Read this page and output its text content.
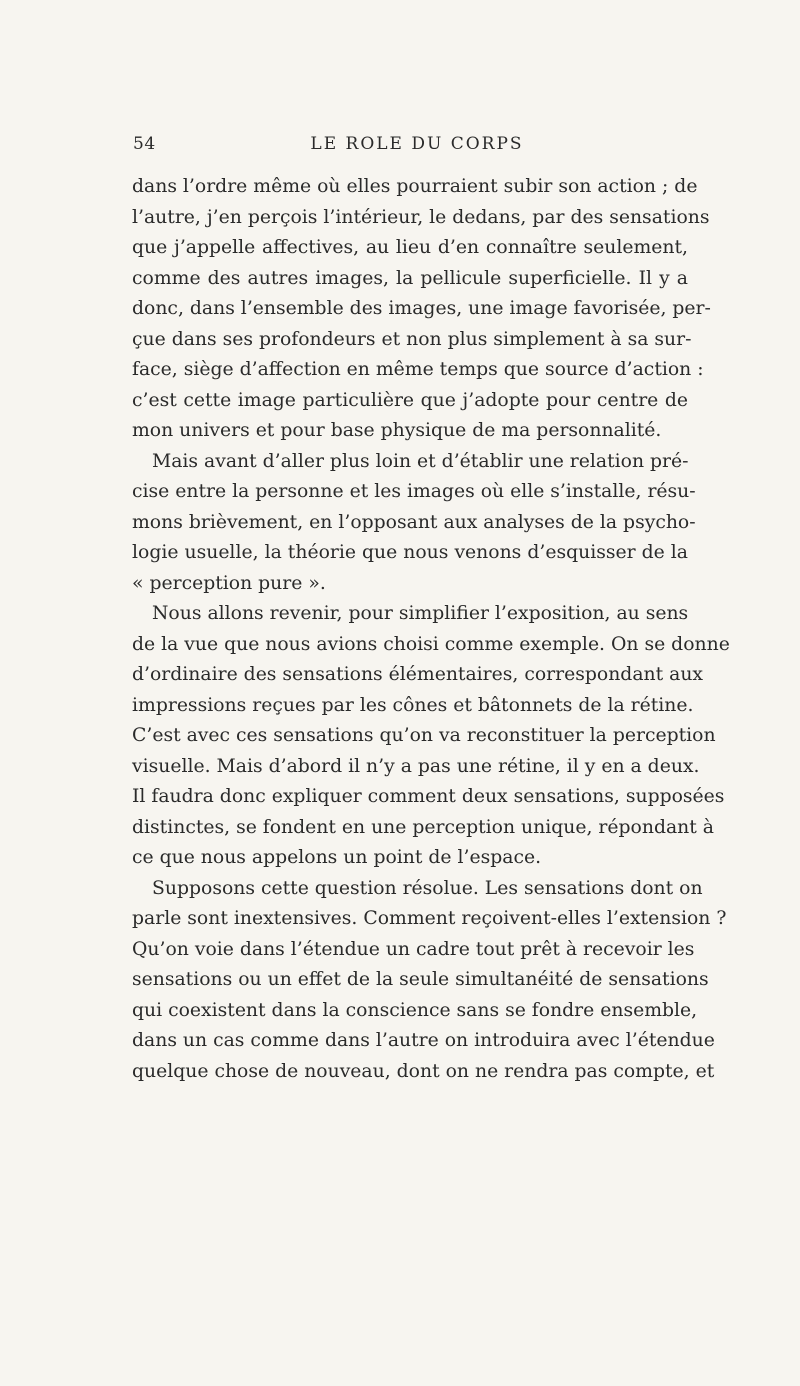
54	LE ROLE DU CORPS
dans l’ordre même où elles pourraient subir son action ; de
l’autre, j’en perçois l’intérieur, le dedans, par des sensations
que j’appelle affectives, au lieu d’en connaître seulement,
comme des autres images, la pellicule superficielle. Il y a
donc, dans l’ensemble des images, une image favorisée, per-
çue dans ses profondeurs et non plus simplement à sa sur-
face, siège d’affection en même temps que source d’action :
c’est cette image particulière que j’adopte pour centre de
mon univers et pour base physique de ma personnalité.
Mais avant d’aller plus loin et d’établir une relation pré-
cise entre la personne et les images où elle s’installe, résu-
mons brièvement, en l’opposant aux analyses de la psycho-
logie usuelle, la théorie que nous venons d’esquisser de la
« perception pure ».
Nous allons revenir, pour simplifier l’exposition, au sens
de la vue que nous avions choisi comme exemple. On se donne
d’ordinaire des sensations élémentaires, correspondant aux
impressions reçues par les cônes et bâtonnets de la rétine.
C’est avec ces sensations qu’on va reconstituer la perception
visuelle. Mais d’abord il n’y a pas une rétine, il y en a deux.
Il faudra donc expliquer comment deux sensations, supposées
distinctes, se fondent en une perception unique, répondant à
ce que nous appelons un point de l’espace.
Supposons cette question résolue. Les sensations dont on
parle sont inextensives. Comment reçoivent-elles l’extension ?
Qu’on voie dans l’étendue un cadre tout prêt à recevoir les
sensations ou un effet de la seule simultanéité de sensations
qui coexistent dans la conscience sans se fondre ensemble,
dans un cas comme dans l’autre on introduira avec l’étendue
quelque chose de nouveau, dont on ne rendra pas compte, et
